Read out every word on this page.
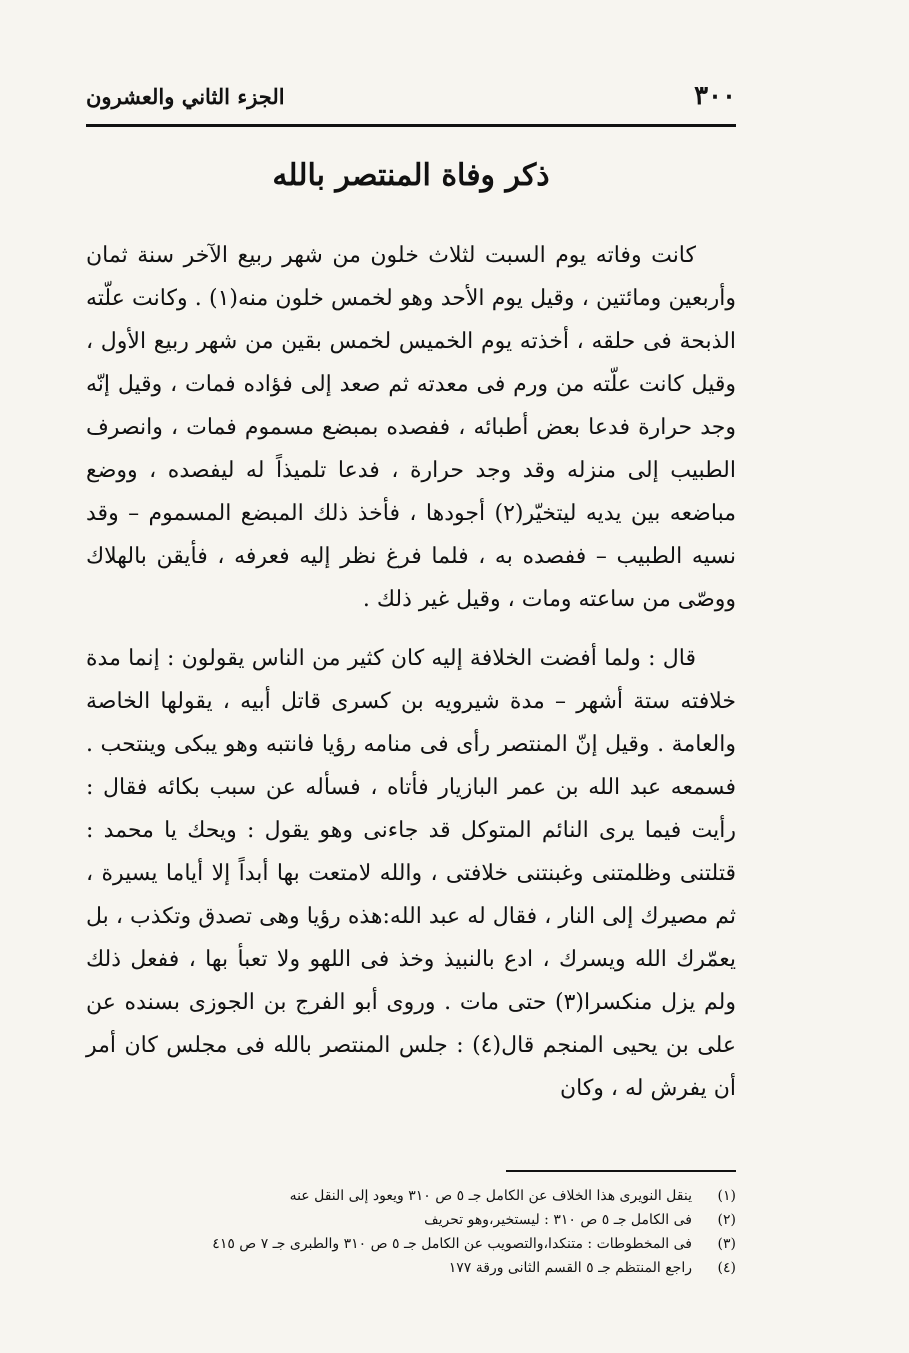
٣٠٠
الجزء الثاني والعشرون
ذكر وفاة المنتصر بالله

كانت وفاته يوم السبت لثلاث خلون من شهر ربيع الآخر سنة ثمان وأربعين ومائتين ، وقيل يوم الأحد وهو لخمس خلون منه(١) . وكانت علّته الذبحة فى حلقه ، أخذته يوم الخميس لخمس بقين من شهر ربيع الأول ، وقيل كانت علّته من ورم فى معدته ثم صعد إلى فؤاده فمات ، وقيل إنّه وجد حرارة فدعا بعض أطبائه ، ففصده بمبضع مسموم فمات ، وانصرف الطبيب إلى منزله وقد وجد حرارة ، فدعا تلميذاً له ليفصده ، ووضع مباضعه بين يديه ليتخيّر(٢) أجودها ، فأخذ ذلك المبضع المسموم – وقد نسيه الطبيب – ففصده به ، فلما فرغ نظر إليه فعرفه ، فأيقن بالهلاك ووصّى من ساعته ومات ، وقيل غير ذلك .

قال : ولما أفضت الخلافة إليه كان كثير من الناس يقولون : إنما مدة خلافته ستة أشهر – مدة شيرويه بن كسرى قاتل أبيه ، يقولها الخاصة والعامة . وقيل إنّ المنتصر رأى فى منامه رؤيا فانتبه وهو يبكى وينتحب . فسمعه عبد الله بن عمر البازيار فأتاه ، فسأله عن سبب بكائه فقال : رأيت فيما يرى النائم المتوكل قد جاءنى وهو يقول : ويحك يا محمد : قتلتنى وظلمتنى وغبنتنى خلافتى ، والله لامتعت بها أبداً إلا أياما يسيرة ، ثم مصيرك إلى النار ، فقال له عبد الله:هذه رؤيا وهى تصدق وتكذب ، بل يعمّرك الله ويسرك ، ادع بالنبيذ وخذ فى اللهو ولا تعبأ بها ، ففعل ذلك ولم يزل منكسرا(٣) حتى مات . وروى أبو الفرج بن الجوزى بسنده عن على بن يحيى المنجم قال(٤) : جلس المنتصر بالله فى مجلس كان أمر أن يفرش له ، وكان

(١)
ينقل النويرى هذا الخلاف عن الكامل جـ ٥ ص ٣١٠ ويعود إلى النقل عنه
(٢)
فى الكامل جـ ٥ ص ٣١٠ : ليستخير،وهو تحريف
(٣)
فى المخطوطات : متنكدا،والتصويب عن الكامل جـ ٥ ص ٣١٠ والطبرى جـ ٧ ص ٤١٥
(٤)
راجع المنتظم جـ ٥ القسم الثانى ورقة ١٧٧
